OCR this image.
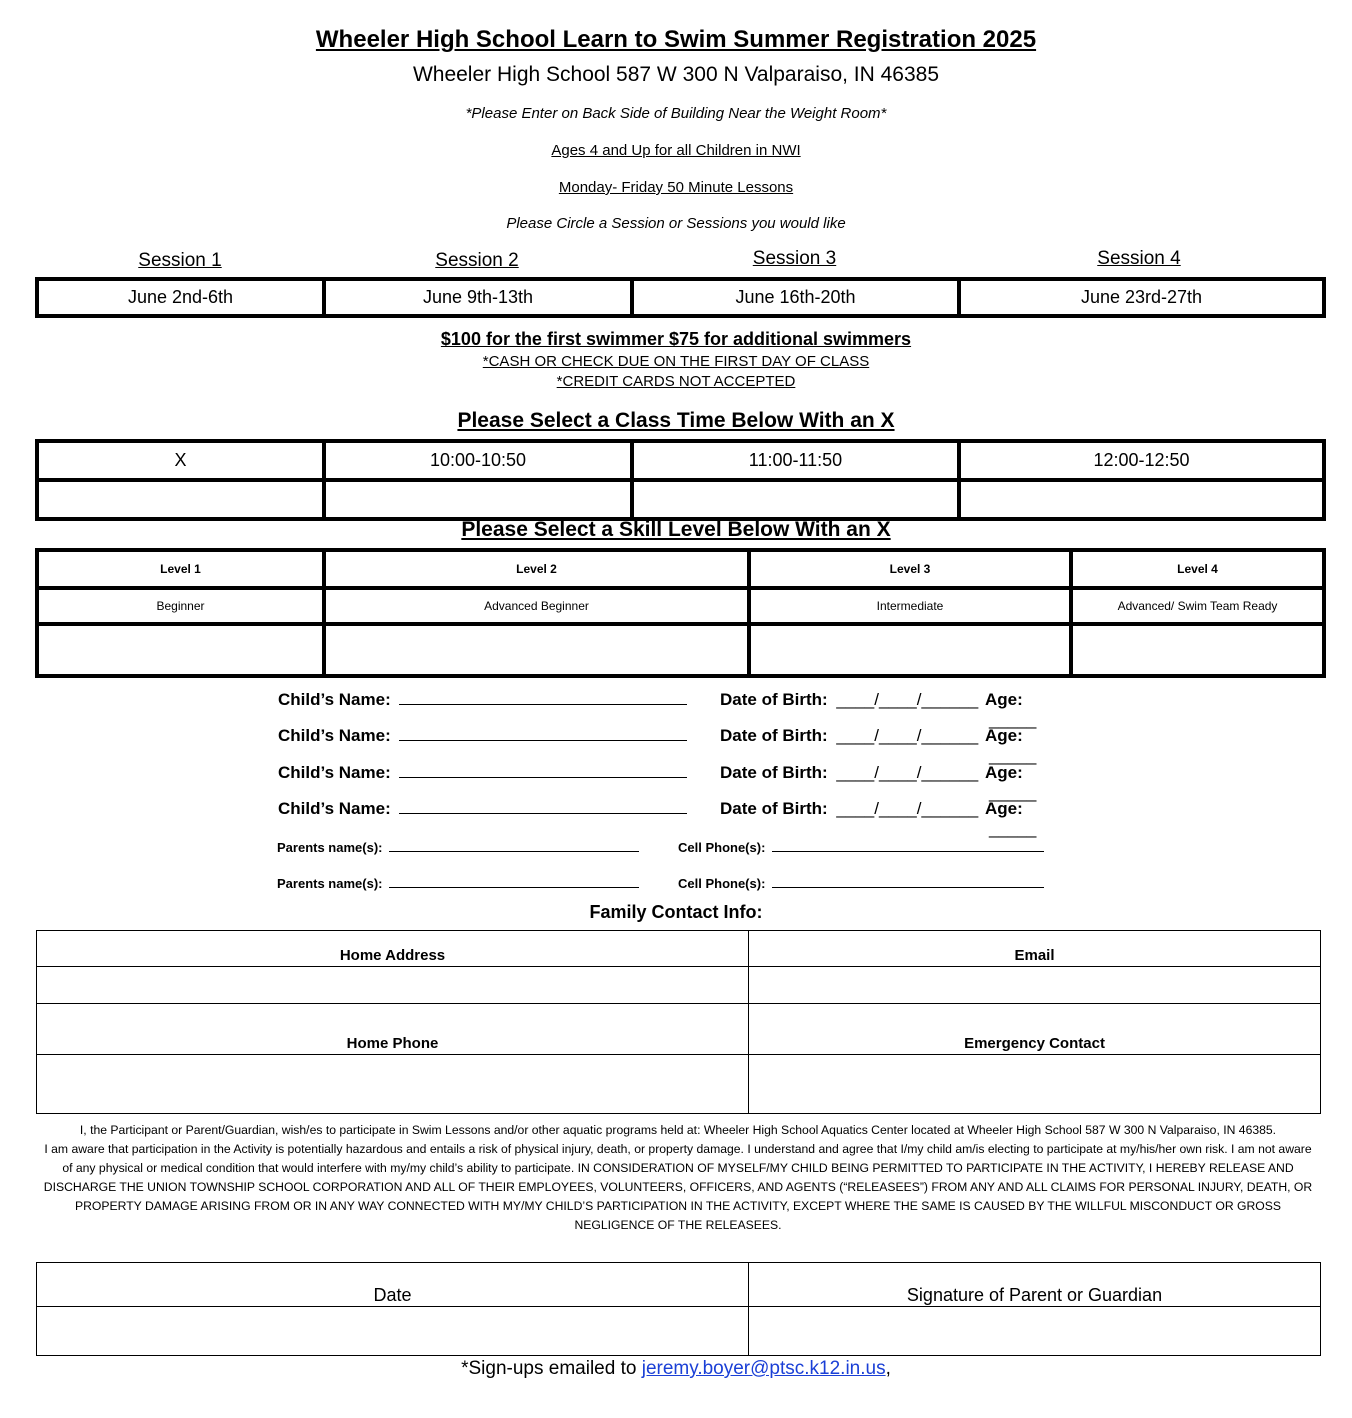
Wheeler High School Learn to Swim Summer Registration 2025
Wheeler High School 587 W 300 N Valparaiso, IN 46385
*Please Enter on Back Side of Building Near the Weight Room*
Ages 4 and Up for all Children in NWI
Monday- Friday 50 Minute Lessons
Please Circle a Session or Sessions you would like
Session 1	Session 2	Session 3	Session 4
June 2nd-6th	June 9th-13th	June 16th-20th	June 23rd-27th
$100 for the first swimmer $75 for additional swimmers
*CASH OR CHECK DUE ON THE FIRST DAY OF CLASS
*CREDIT CARDS NOT ACCEPTED
Please Select a Class Time Below With an X
X	10:00-10:50	11:00-11:50	12:00-12:50

Please Select a Skill Level Below With an X
Level 1	Level 2	Level 3	Level 4
Beginner	Advanced Beginner	Intermediate	Advanced/ Swim Team Ready

Child’s Name:	Date of Birth: ____/____/______ Age: _____
Child’s Name:	Date of Birth: ____/____/______ Age: _____
Child’s Name:	Date of Birth: ____/____/______ Age: _____
Child’s Name:	Date of Birth: ____/____/______ Age: _____
Parents name(s):	Cell Phone(s):
Parents name(s):	Cell Phone(s):
Family Contact Info:
Home Address	Email

Home Phone	Emergency Contact

I, the Participant or Parent/Guardian, wish/es to participate in Swim Lessons and/or other aquatic programs held at: Wheeler High School Aquatics Center located at Wheeler High School 587 W 300 N Valparaiso, IN 46385.
I am aware that participation in the Activity is potentially hazardous and entails a risk of physical injury, death, or property damage. I understand and agree that I/my child am/is electing to participate at my/his/her own risk. I am not aware of any physical or medical condition that would interfere with my/my child’s ability to participate. IN CONSIDERATION OF MYSELF/MY CHILD BEING PERMITTED TO PARTICIPATE IN THE ACTIVITY, I HEREBY RELEASE AND DISCHARGE THE UNION TOWNSHIP SCHOOL CORPORATION AND ALL OF THEIR EMPLOYEES, VOLUNTEERS, OFFICERS, AND AGENTS (“RELEASEES”) FROM ANY AND ALL CLAIMS FOR PERSONAL INJURY, DEATH, OR PROPERTY DAMAGE ARISING FROM OR IN ANY WAY CONNECTED WITH MY/MY CHILD’S PARTICIPATION IN THE ACTIVITY, EXCEPT WHERE THE SAME IS CAUSED BY THE WILLFUL MISCONDUCT OR GROSS NEGLIGENCE OF THE RELEASEES.
Date	Signature of Parent or Guardian

*Sign-ups emailed to jeremy.boyer@ptsc.k12.in.us,
